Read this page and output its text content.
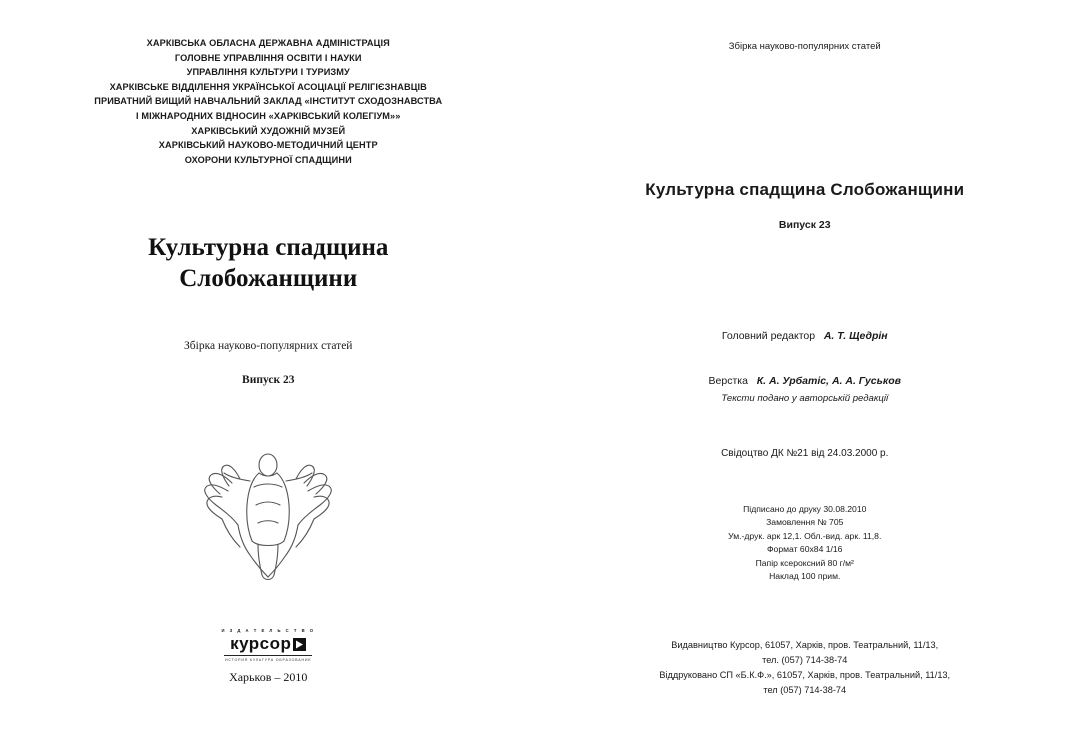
ХАРКІВСЬКА ОБЛАСНА ДЕРЖАВНА АДМІНІСТРАЦІЯ
ГОЛОВНЕ УПРАВЛІННЯ ОСВІТИ І НАУКИ
УПРАВЛІННЯ КУЛЬТУРИ І ТУРИЗМУ
ХАРКІВСЬКЕ ВІДДІЛЕННЯ УКРАЇНСЬКОЇ АСОЦІАЦІЇ РЕЛІГІЄЗНАВЦІВ
ПРИВАТНИЙ ВИЩИЙ НАВЧАЛЬНИЙ ЗАКЛАД «ІНСТИТУТ СХОДОЗНАВСТВА
І МІЖНАРОДНИХ ВІДНОСИН «ХАРКІВСЬКИЙ КОЛЕГІУМ»»
ХАРКІВСЬКИЙ ХУДОЖНІЙ МУЗЕЙ
ХАРКІВСЬКИЙ НАУКОВО-МЕТОДИЧНИЙ ЦЕНТР
ОХОРОНИ КУЛЬТУРНОЇ СПАДЩИНИ
Культурна спадщина
Слобожанщини
Збірка науково-популярних статей
Випуск 23
И З Д А Т Е Л Ь С Т В О
курсор
ИСТОРИЯ КУЛЬТУРА ОБРАЗОВАНИЕ
Харьков – 2010
Збірка науково-популярних статей
Культурна спадщина Слобожанщини
Випуск 23
Головний редактор А. Т. Щедрін
Верстка К. А. Урбатіс, А. А. Гуськов
Тексти подано у авторській редакції
Свідоцтво ДК №21 від 24.03.2000 р.
Підписано до друку 30.08.2010
Замовлення № 705
Ум.-друк. арк 12,1. Обл.-вид. арк. 11,8.
Формат 60х84 1/16
Папір ксероксний 80 г/м²
Наклад 100 прим.
Видавництво Курсор, 61057, Харків, пров. Театральний, 11/13,
тел. (057) 714-38-74
Віддруковано СП «Б.К.Ф.», 61057, Харків, пров. Театральний, 11/13,
тел (057) 714-38-74
